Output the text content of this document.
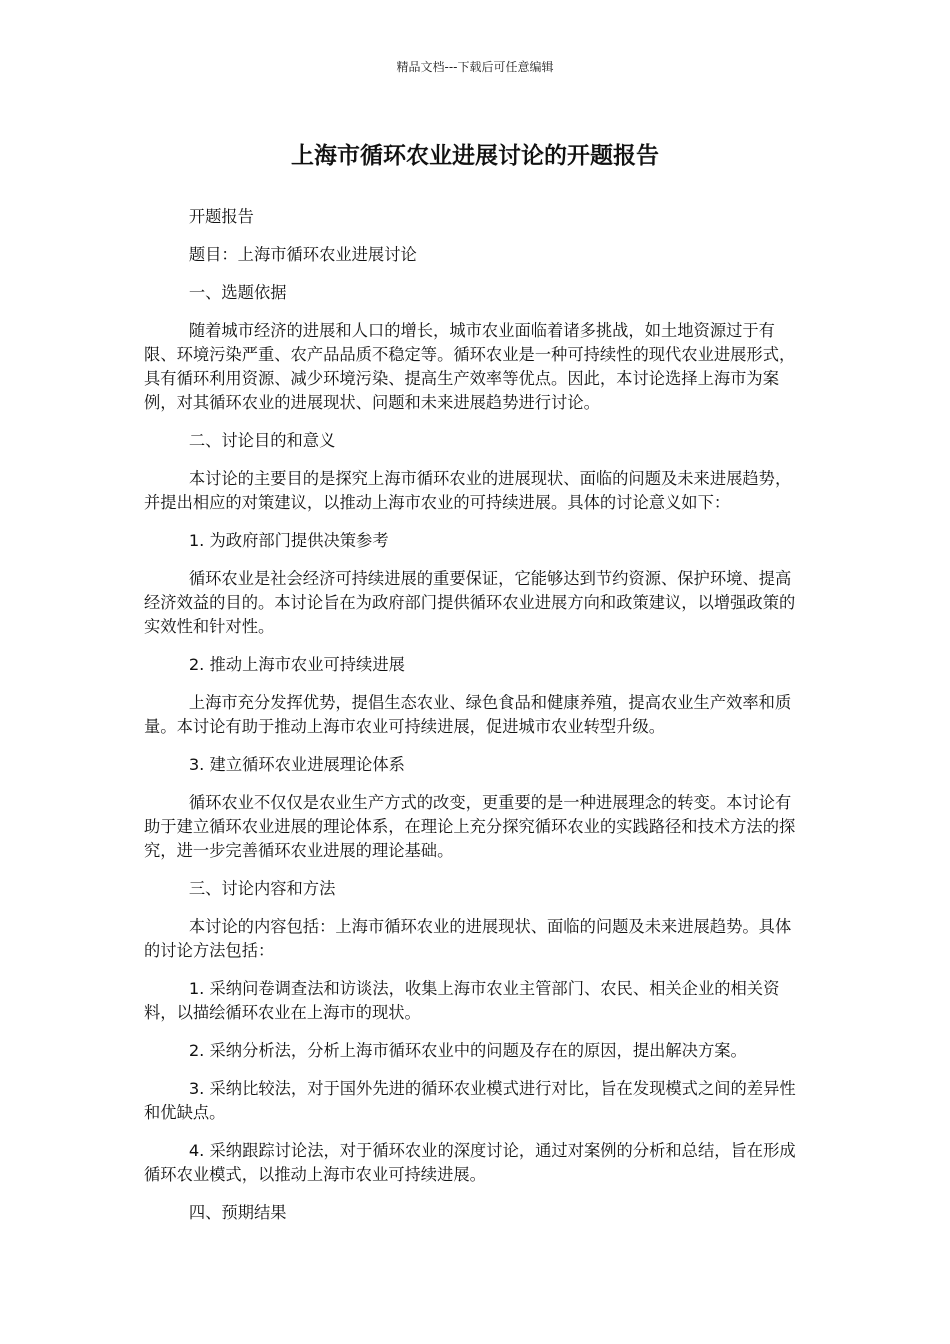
精品文档---下载后可任意编辑
上海市循环农业进展讨论的开题报告

开题报告

题目：上海市循环农业进展讨论

一、选题依据

随着城市经济的进展和人口的增长，城市农业面临着诸多挑战，如土地资源过于有限、环境污染严重、农产品品质不稳定等。循环农业是一种可持续性的现代农业进展形式，具有循环利用资源、减少环境污染、提高生产效率等优点。因此，本讨论选择上海市为案例，对其循环农业的进展现状、问题和未来进展趋势进行讨论。

二、讨论目的和意义

本讨论的主要目的是探究上海市循环农业的进展现状、面临的问题及未来进展趋势，并提出相应的对策建议，以推动上海市农业的可持续进展。具体的讨论意义如下：

1. 为政府部门提供决策参考

循环农业是社会经济可持续进展的重要保证，它能够达到节约资源、保护环境、提高经济效益的目的。本讨论旨在为政府部门提供循环农业进展方向和政策建议，以增强政策的实效性和针对性。

2. 推动上海市农业可持续进展

上海市充分发挥优势，提倡生态农业、绿色食品和健康养殖，提高农业生产效率和质量。本讨论有助于推动上海市农业可持续进展，促进城市农业转型升级。

3. 建立循环农业进展理论体系

循环农业不仅仅是农业生产方式的改变，更重要的是一种进展理念的转变。本讨论有助于建立循环农业进展的理论体系，在理论上充分探究循环农业的实践路径和技术方法的探究，进一步完善循环农业进展的理论基础。

三、讨论内容和方法

本讨论的内容包括：上海市循环农业的进展现状、面临的问题及未来进展趋势。具体的讨论方法包括：

1. 采纳问卷调查法和访谈法，收集上海市农业主管部门、农民、相关企业的相关资料，以描绘循环农业在上海市的现状。

2. 采纳分析法，分析上海市循环农业中的问题及存在的原因，提出解决方案。

3. 采纳比较法，对于国外先进的循环农业模式进行对比，旨在发现模式之间的差异性和优缺点。

4. 采纳跟踪讨论法，对于循环农业的深度讨论，通过对案例的分析和总结，旨在形成循环农业模式，以推动上海市农业可持续进展。

四、预期结果
